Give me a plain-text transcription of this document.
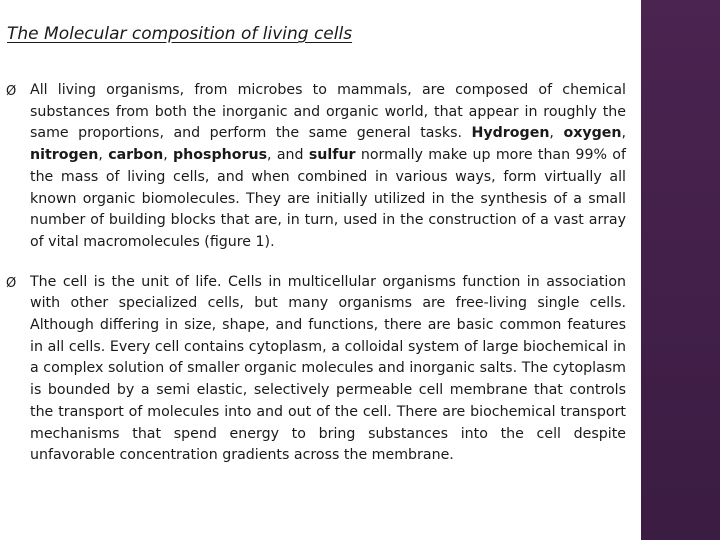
The Molecular composition of living cells
Ø All living organisms, from microbes to mammals, are composed of chemical substances from both the inorganic and organic world, that appear in roughly the same proportions, and perform the same general tasks. Hydrogen, oxygen, nitrogen, carbon, phosphorus, and sulfur normally make up more than 99% of the mass of living cells, and when combined in various ways, form virtually all known organic biomolecules. They are initially utilized in the synthesis of a small number of building blocks that are, in turn, used in the construction of a vast array of vital macromolecules (figure 1).

Ø The cell is the unit of life. Cells in multicellular organisms function in association with other specialized cells, but many organisms are free-living single cells. Although differing in size, shape, and functions, there are basic common features in all cells. Every cell contains cytoplasm, a colloidal system of large biochemical in a complex solution of smaller organic molecules and inorganic salts. The cytoplasm is bounded by a semi elastic, selectively permeable cell membrane that controls the transport of molecules into and out of the cell. There are biochemical transport mechanisms that spend energy to bring substances into the cell despite unfavorable concentration gradients across the membrane.
